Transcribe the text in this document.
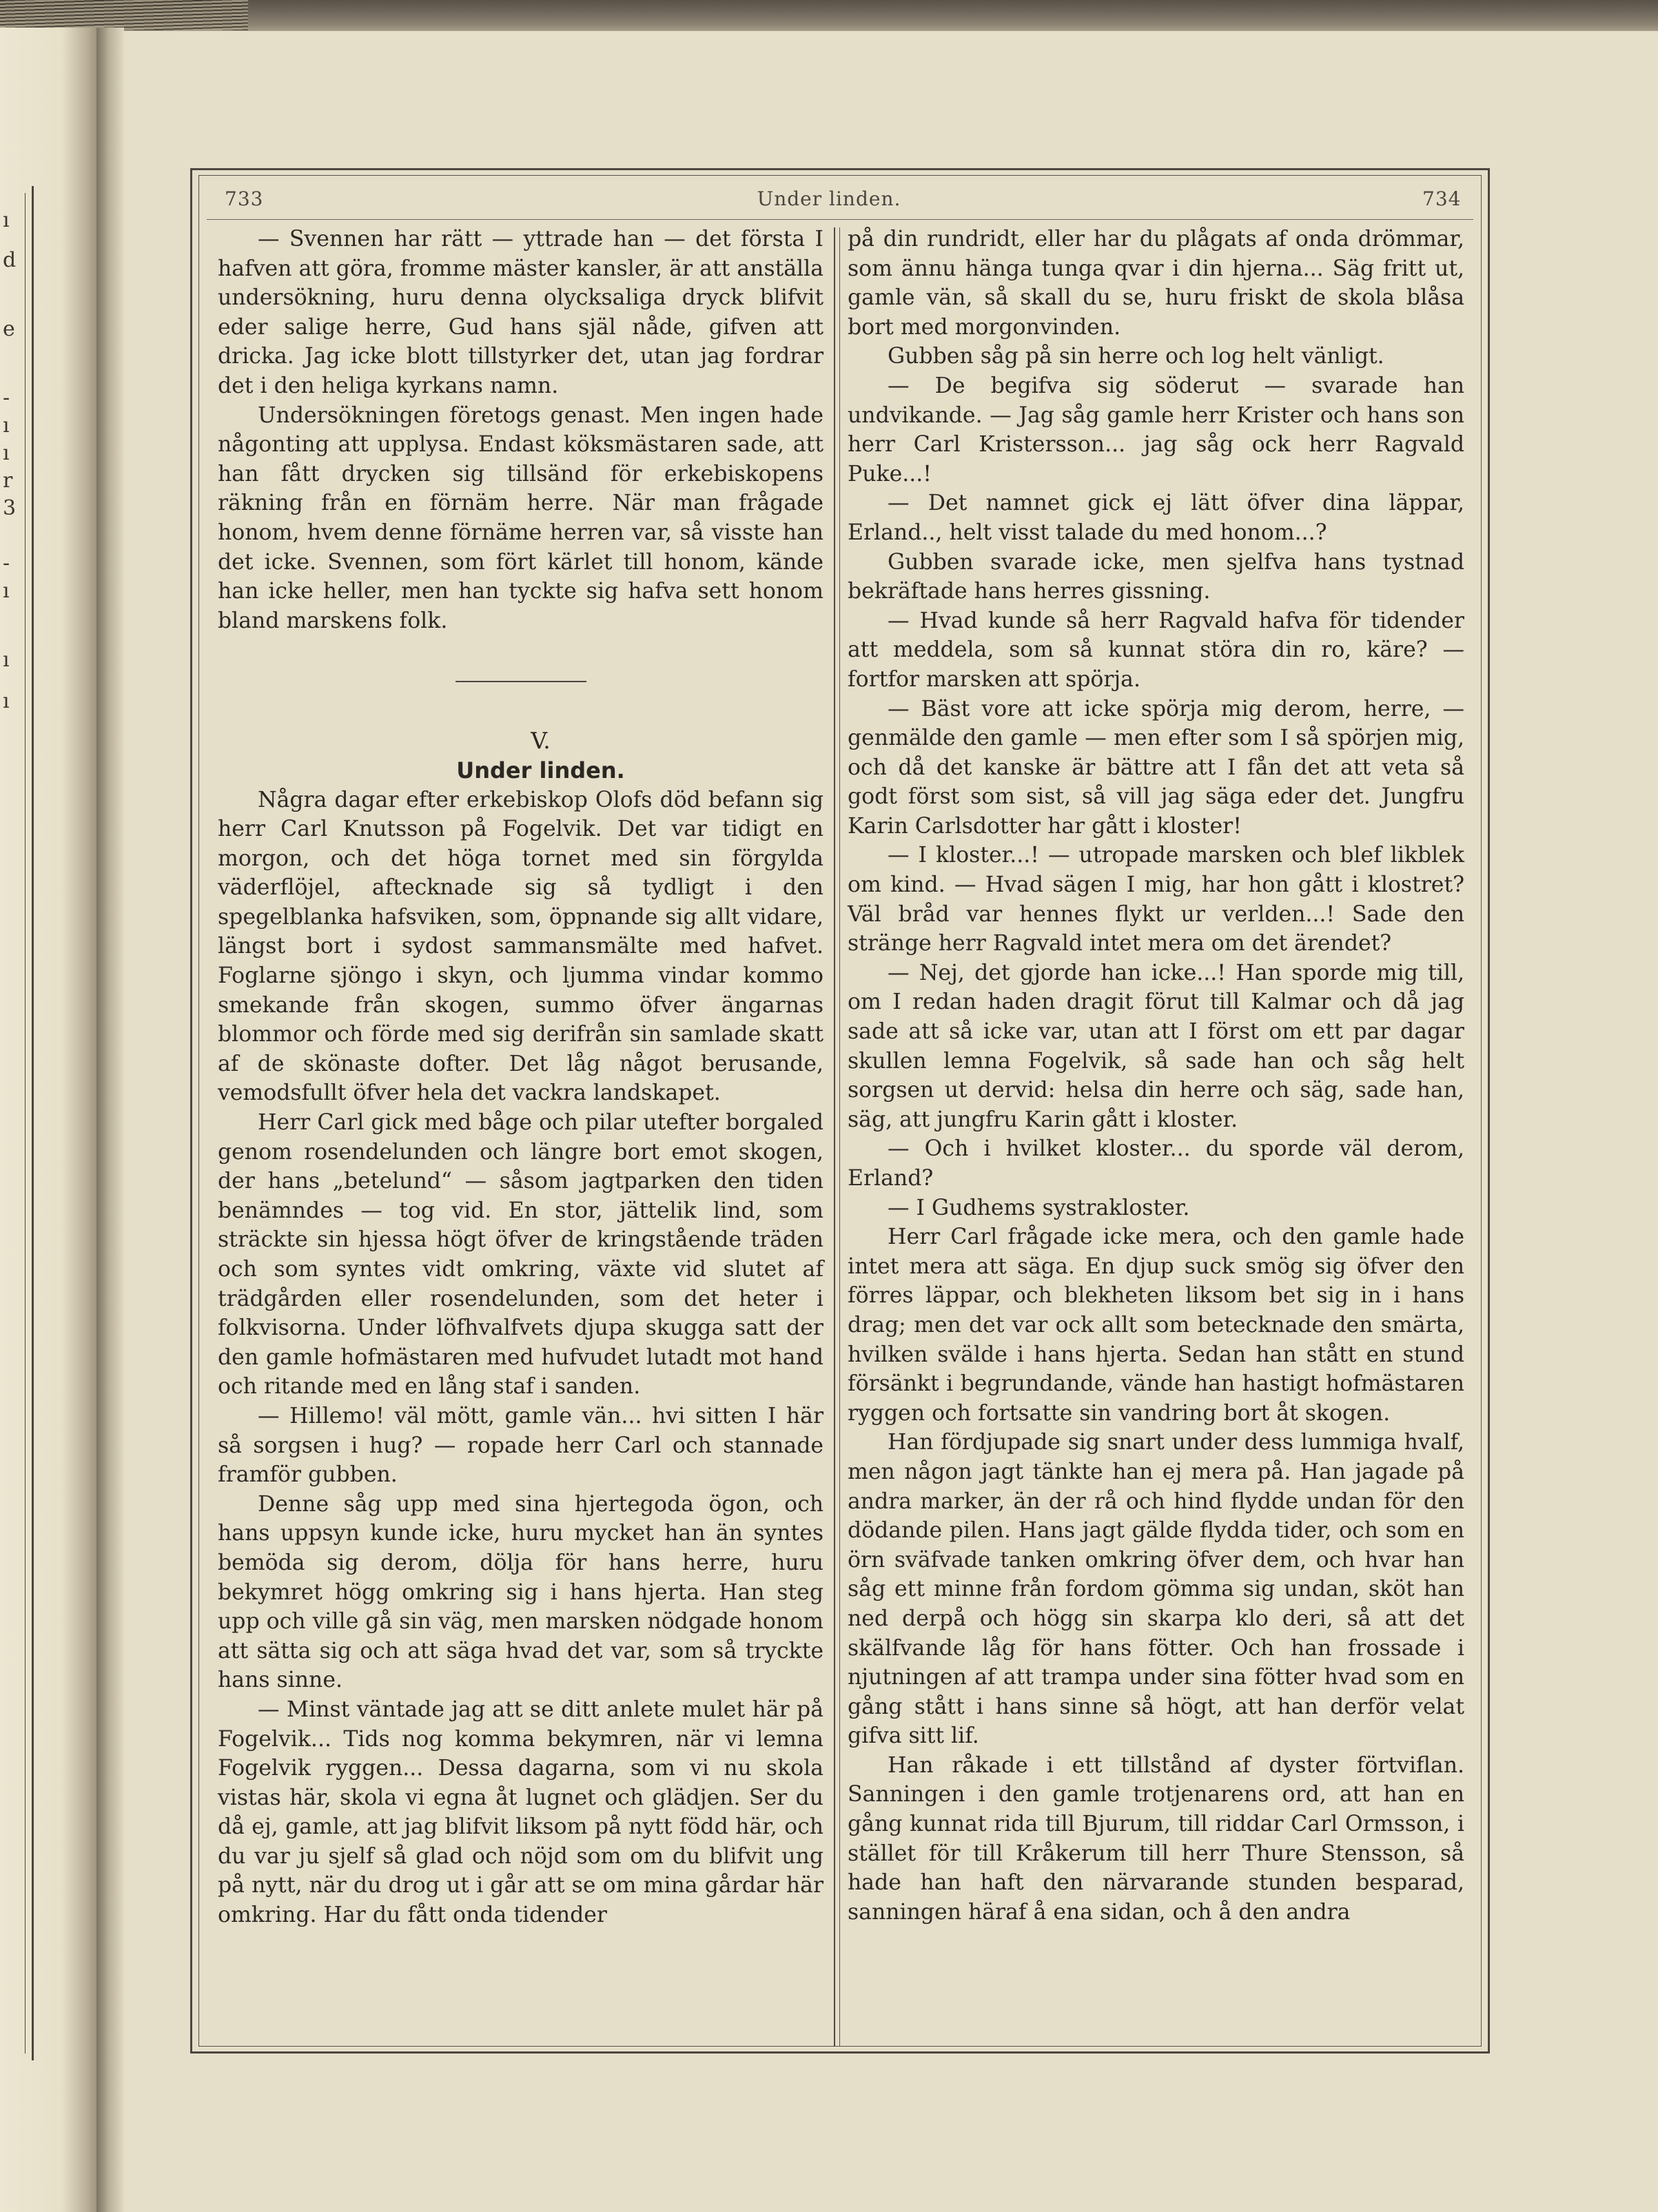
ı
d
e
-
ı
ı
r
3
-
ı
ı
ı
733	Under linden.	734

— Svennen har rätt — yttrade han — det första I hafven att göra, fromme mäster kansler, är att anställa undersökning, huru denna olycksaliga dryck blifvit eder salige herre, Gud hans själ nåde, gifven att dricka. Jag icke blott tillstyrker det, utan jag fordrar det i den heliga kyrkans namn.

Undersökningen företogs genast. Men ingen hade någonting att upplysa. Endast köksmästaren sade, att han fått drycken sig tillsänd för erkebiskopens räkning från en förnäm herre. När man frågade honom, hvem denne förnäme herren var, så visste han det icke. Svennen, som fört kärlet till honom, kände han icke heller, men han tyckte sig hafva sett honom bland marskens folk.

V.

Under linden.

Några dagar efter erkebiskop Olofs död befann sig herr Carl Knutsson på Fogelvik. Det var tidigt en morgon, och det höga tornet med sin förgylda väderflöjel, aftecknade sig så tydligt i den spegelblanka hafsviken, som, öppnande sig allt vidare, längst bort i sydost sammansmälte med hafvet. Foglarne sjöngo i skyn, och ljumma vindar kommo smekande från skogen, summo öfver ängarnas blommor och förde med sig derifrån sin samlade skatt af de skönaste dofter. Det låg något berusande, vemodsfullt öfver hela det vackra landskapet.

Herr Carl gick med båge och pilar utefter borgaled genom rosendelunden och längre bort emot skogen, der hans „betelund“ — såsom jagtparken den tiden benämndes — tog vid. En stor, jättelik lind, som sträckte sin hjessa högt öfver de kringstående träden och som syntes vidt omkring, växte vid slutet af trädgården eller rosendelunden, som det heter i folkvisorna. Under löfhvalfvets djupa skugga satt der den gamle hofmästaren med hufvudet lutadt mot hand och ritande med en lång staf i sanden.

— Hillemo! väl mött, gamle vän... hvi sitten I här så sorgsen i hug? — ropade herr Carl och stannade framför gubben.

Denne såg upp med sina hjertegoda ögon, och hans uppsyn kunde icke, huru mycket han än syntes bemöda sig derom, dölja för hans herre, huru bekymret högg omkring sig i hans hjerta. Han steg upp och ville gå sin väg, men marsken nödgade honom att sätta sig och att säga hvad det var, som så tryckte hans sinne.

— Minst väntade jag att se ditt anlete mulet här på Fogelvik... Tids nog komma bekymren, när vi lemna Fogelvik ryggen... Dessa dagarna, som vi nu skola vistas här, skola vi egna åt lugnet och glädjen. Ser du då ej, gamle, att jag blifvit liksom på nytt född här, och du var ju sjelf så glad och nöjd som om du blifvit ung på nytt, när du drog ut i går att se om mina gårdar här omkring. Har du fått onda tidender

på din rundridt, eller har du plågats af onda drömmar, som ännu hänga tunga qvar i din hjerna... Säg fritt ut, gamle vän, så skall du se, huru friskt de skola blåsa bort med morgonvinden.

Gubben såg på sin herre och log helt vänligt.

— De begifva sig söderut — svarade han undvikande. — Jag såg gamle herr Krister och hans son herr Carl Kristersson... jag såg ock herr Ragvald Puke...!

— Det namnet gick ej lätt öfver dina läppar, Erland.., helt visst talade du med honom...?

Gubben svarade icke, men sjelfva hans tystnad bekräftade hans herres gissning.

— Hvad kunde så herr Ragvald hafva för tidender att meddela, som så kunnat störa din ro, käre? — fortfor marsken att spörja.

— Bäst vore att icke spörja mig derom, herre, — genmälde den gamle — men efter som I så spörjen mig, och då det kanske är bättre att I fån det att veta så godt först som sist, så vill jag säga eder det. Jungfru Karin Carlsdotter har gått i kloster!

— I kloster...! — utropade marsken och blef likblek om kind. — Hvad sägen I mig, har hon gått i klostret? Väl bråd var hennes flykt ur verlden...! Sade den stränge herr Ragvald intet mera om det ärendet?

— Nej, det gjorde han icke...! Han sporde mig till, om I redan haden dragit förut till Kalmar och då jag sade att så icke var, utan att I först om ett par dagar skullen lemna Fogelvik, så sade han och såg helt sorgsen ut dervid: helsa din herre och säg, sade han, säg, att jungfru Karin gått i kloster.

— Och i hvilket kloster... du sporde väl derom, Erland?

— I Gudhems systrakloster.

Herr Carl frågade icke mera, och den gamle hade intet mera att säga. En djup suck smög sig öfver den förres läppar, och blekheten liksom bet sig in i hans drag; men det var ock allt som betecknade den smärta, hvilken svälde i hans hjerta. Sedan han stått en stund försänkt i begrundande, vände han hastigt hofmästaren ryggen och fortsatte sin vandring bort åt skogen.

Han fördjupade sig snart under dess lummiga hvalf, men någon jagt tänkte han ej mera på. Han jagade på andra marker, än der rå och hind flydde undan för den dödande pilen. Hans jagt gälde flydda tider, och som en örn sväfvade tanken omkring öfver dem, och hvar han såg ett minne från fordom gömma sig undan, sköt han ned derpå och högg sin skarpa klo deri, så att det skälfvande låg för hans fötter. Och han frossade i njutningen af att trampa under sina fötter hvad som en gång stått i hans sinne så högt, att han derför velat gifva sitt lif.

Han råkade i ett tillstånd af dyster förtviflan. Sanningen i den gamle trotjenarens ord, att han en gång kunnat rida till Bjurum, till riddar Carl Ormsson, i stället för till Kråkerum till herr Thure Stensson, så hade han haft den närvarande stunden besparad, sanningen häraf å ena sidan, och å den andra
